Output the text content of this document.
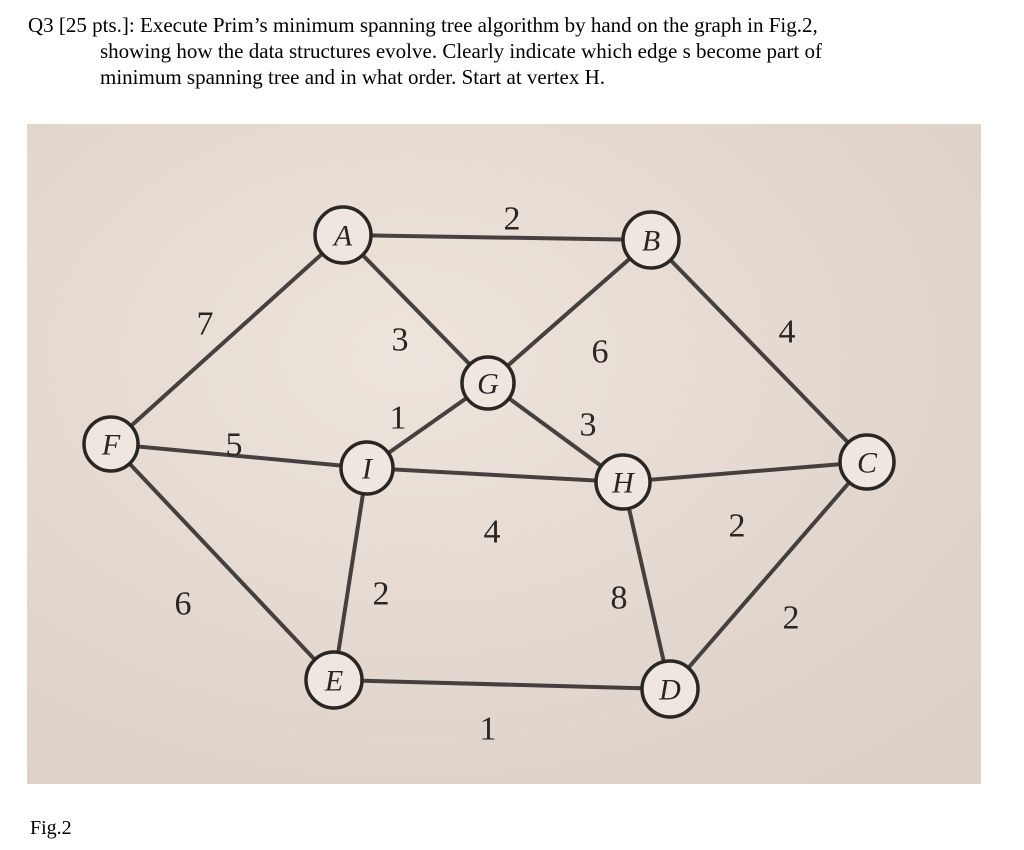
Q3 [25 pts.]: Execute Prim’s minimum spanning tree algorithm by hand on the graph in Fig.2,
showing how the data structures evolve. Clearly indicate which edge s become part of
minimum spanning tree and in what order. Start at vertex H.
2
7	3	6
4
1	3
5
6
4
2
2
8
2
1
A	B
C
D
E
F
G
H
I
Fig.2
